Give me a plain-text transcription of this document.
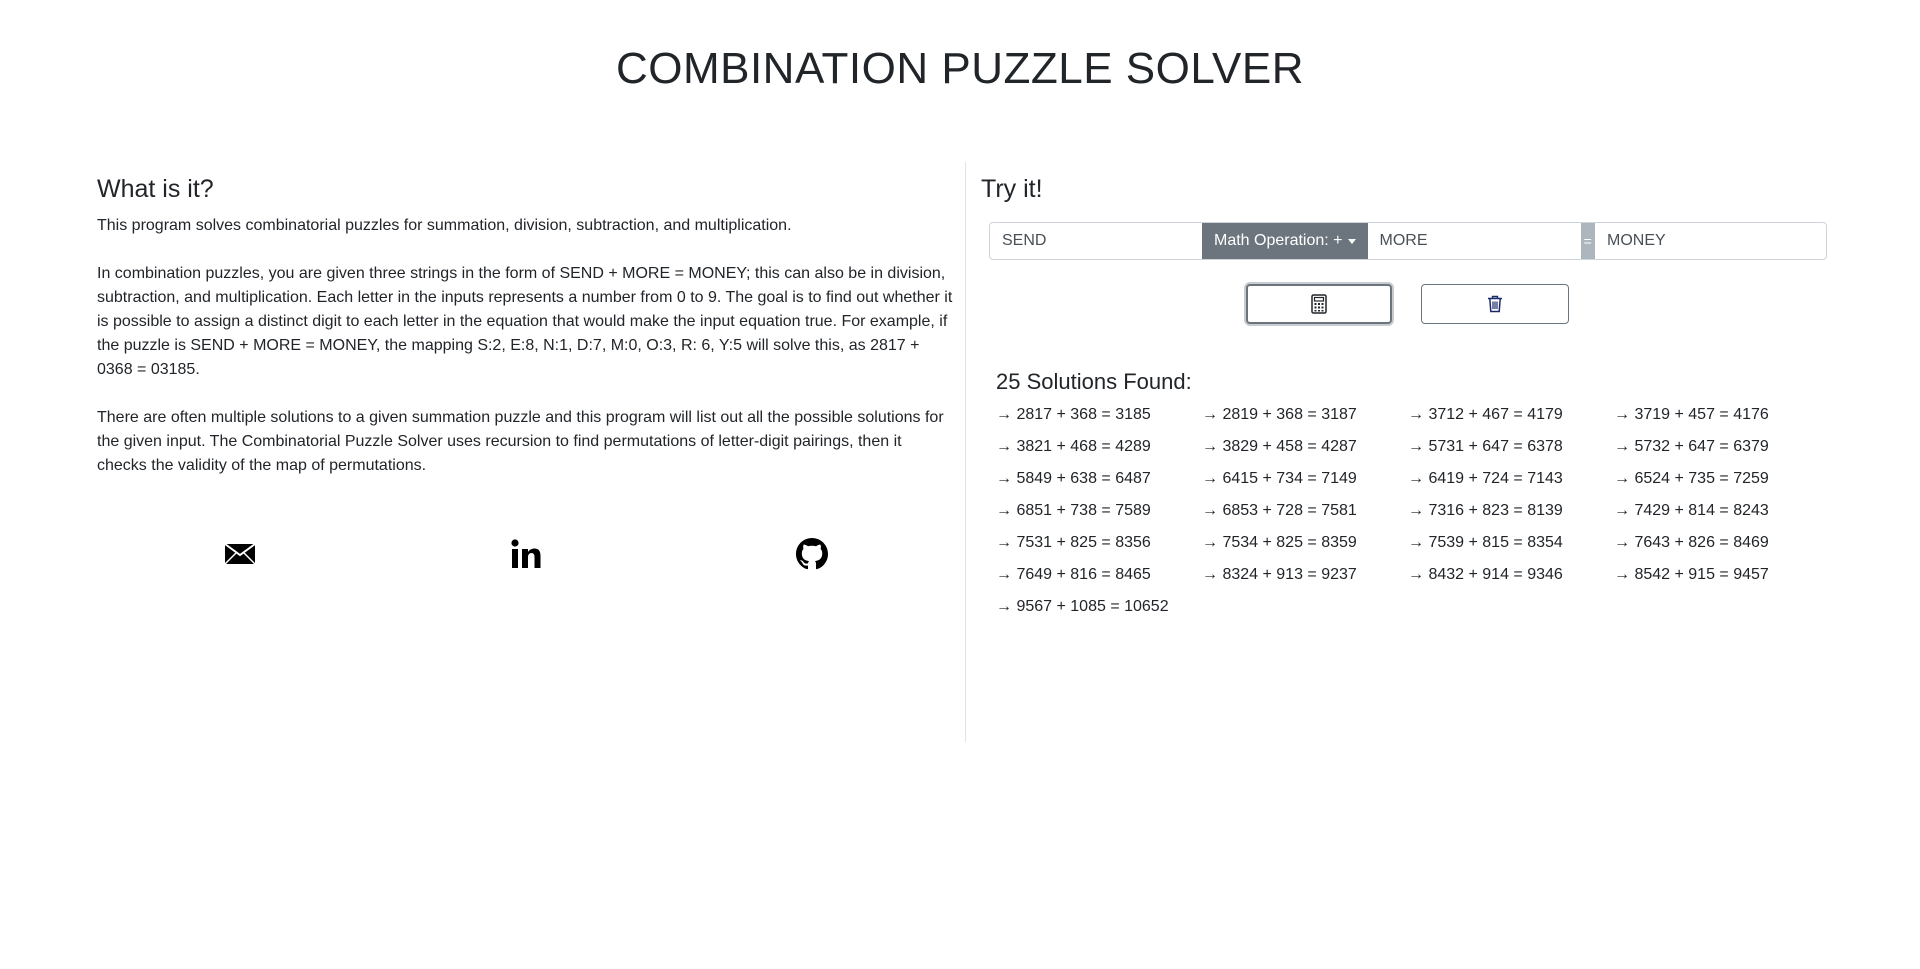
COMBINATION PUZZLE SOLVER
What is it?

This program solves combinatorial puzzles for summation, division, subtraction, and multiplication.

In combination puzzles, you are given three strings in the form of SEND + MORE = MONEY; this can also be in division, subtraction, and multiplication. Each letter in the inputs represents a number from 0 to 9. The goal is to find out whether it is possible to assign a distinct digit to each letter in the equation that would make the input equation true. For example, if the puzzle is SEND + MORE = MONEY, the mapping S:2, E:8, N:1, D:7, M:0, O:3, R: 6, Y:5 will solve this, as 2817 + 0368 = 03185.

There are often multiple solutions to a given summation puzzle and this program will list out all the possible solutions for the given input. The Combinatorial Puzzle Solver uses recursion to find permutations of letter-digit pairings, then it checks the validity of the map of permutations.

Try it!
SEND
Math Operation: +
MORE	=
MONEY
25 Solutions Found:
→ 2817 + 368 = 3185	→ 2819 + 368 = 3187	→ 3712 + 467 = 4179	→ 3719 + 457 = 4176
→ 3821 + 468 = 4289	→ 3829 + 458 = 4287	→ 5731 + 647 = 6378	→ 5732 + 647 = 6379
→ 5849 + 638 = 6487	→ 6415 + 734 = 7149	→ 6419 + 724 = 7143	→ 6524 + 735 = 7259
→ 6851 + 738 = 7589	→ 6853 + 728 = 7581	→ 7316 + 823 = 8139	→ 7429 + 814 = 8243
→ 7531 + 825 = 8356	→ 7534 + 825 = 8359	→ 7539 + 815 = 8354	→ 7643 + 826 = 8469
→ 7649 + 816 = 8465	→ 8324 + 913 = 9237	→ 8432 + 914 = 9346	→ 8542 + 915 = 9457
→ 9567 + 1085 = 10652
